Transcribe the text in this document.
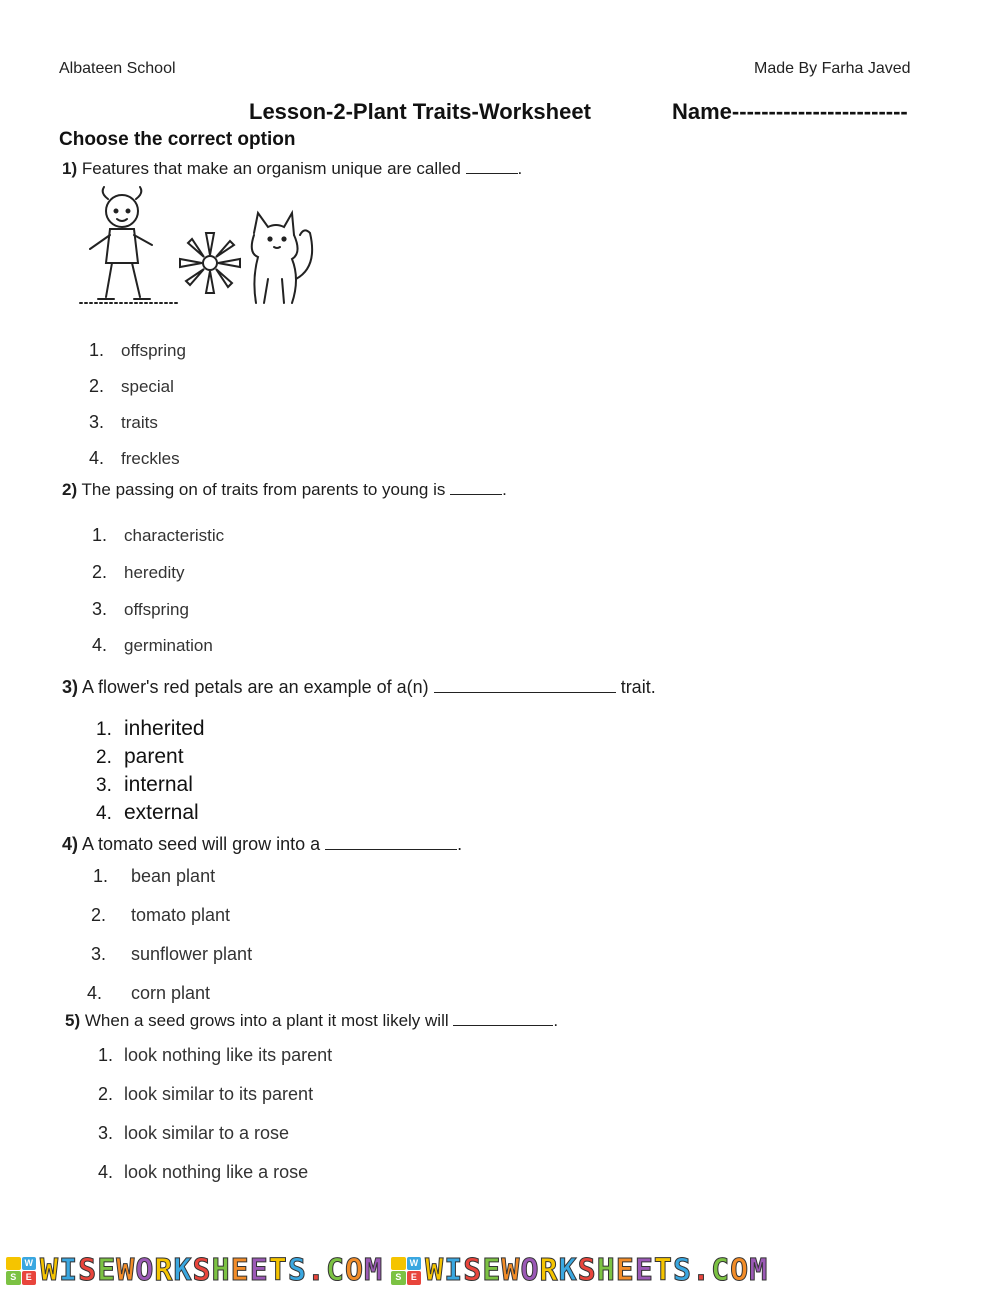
Albateen School	Made By Farha Javed
Lesson-2-Plant Traits-Worksheet	Name------------------------
Choose the correct option
1) Features that make an organism unique are called	.
1. offspring
2. special
3. traits
4. freckles
2) The passing on of traits from parents to young is	.
1. characteristic
2. heredity
3. offspring
4. germination
3) A flower's red petals are an example of a(n)	trait.
1. inherited
2. parent
3. internal
4. external
4) A tomato seed will grow into a	.
1. bean plant
2. tomato plant
3. sunflower plant
4. corn plant
5) When a seed grows into a plant it most likely will	.
1. look nothing like its parent
2. look similar to its parent
3. look similar to a rose
4. look nothing like a rose
W
S	E WISEWORKSHEETS.COM	W
S	E WISEWORKSHEETS.COM
